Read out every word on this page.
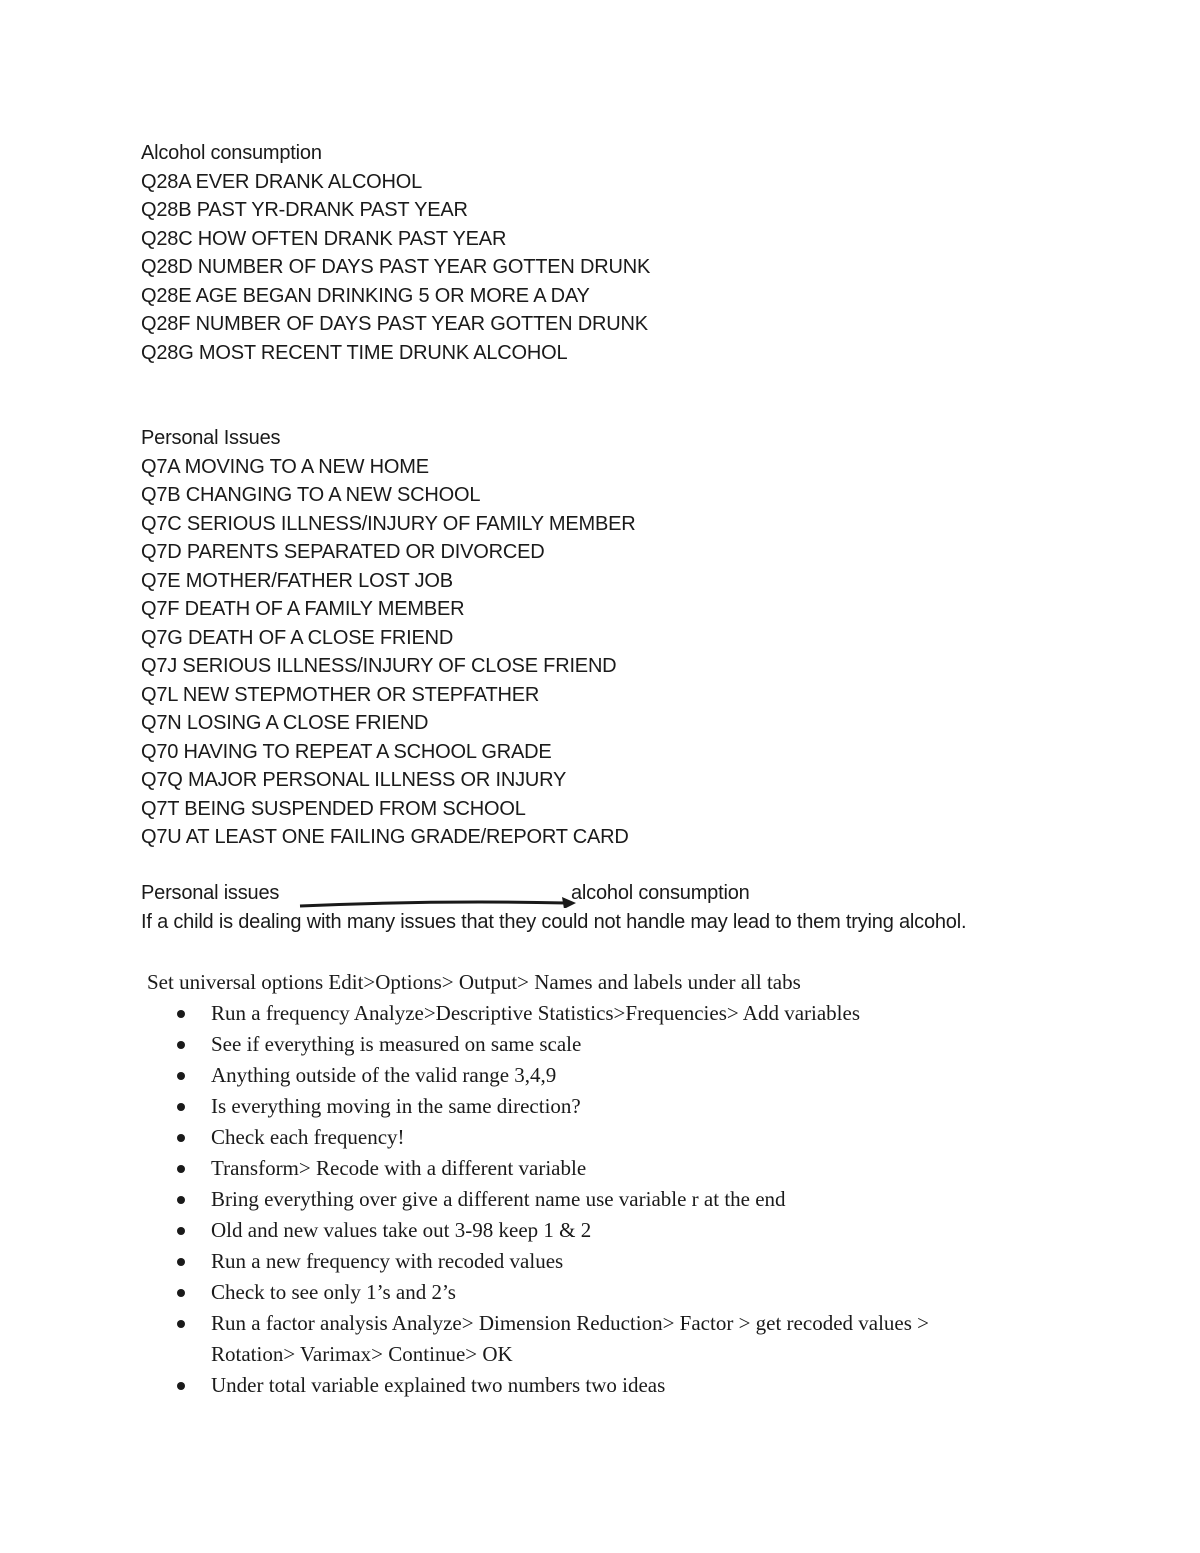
Alcohol consumption
Q28A EVER DRANK ALCOHOL
Q28B PAST YR-DRANK PAST YEAR
Q28C HOW OFTEN DRANK PAST YEAR
Q28D NUMBER OF DAYS PAST YEAR GOTTEN DRUNK
Q28E AGE BEGAN DRINKING 5 OR MORE A DAY
Q28F NUMBER OF DAYS PAST YEAR GOTTEN DRUNK
Q28G MOST RECENT TIME DRUNK ALCOHOL
Personal Issues
Q7A MOVING TO A NEW HOME
Q7B CHANGING TO A NEW SCHOOL
Q7C SERIOUS ILLNESS/INJURY OF FAMILY MEMBER
Q7D PARENTS SEPARATED OR DIVORCED
Q7E MOTHER/FATHER LOST JOB
Q7F DEATH OF A FAMILY MEMBER
Q7G DEATH OF A CLOSE FRIEND
Q7J SERIOUS ILLNESS/INJURY OF CLOSE FRIEND
Q7L NEW STEPMOTHER OR STEPFATHER
Q7N LOSING A CLOSE FRIEND
Q70 HAVING TO REPEAT A SCHOOL GRADE
Q7Q MAJOR PERSONAL ILLNESS OR INJURY
Q7T BEING SUSPENDED FROM SCHOOL
Q7U AT LEAST ONE FAILING GRADE/REPORT CARD
Personal issues	alcohol consumption
If a child is dealing with many issues that they could not handle may lead to them trying alcohol.
Set universal options Edit>Options> Output> Names and labels under all tabs
Run a frequency Analyze>Descriptive Statistics>Frequencies> Add variables
See if everything is measured on same scale
Anything outside of the valid range 3,4,9
Is everything moving in the same direction?
Check each frequency!
Transform> Recode with a different variable
Bring everything over give a different name use variable r at the end
Old and new values take out 3-98 keep 1 & 2
Run a new frequency with recoded values
Check to see only 1’s and 2’s
Run a factor analysis Analyze> Dimension Reduction> Factor > get recoded values >
Rotation> Varimax> Continue> OK
Under total variable explained two numbers two ideas
